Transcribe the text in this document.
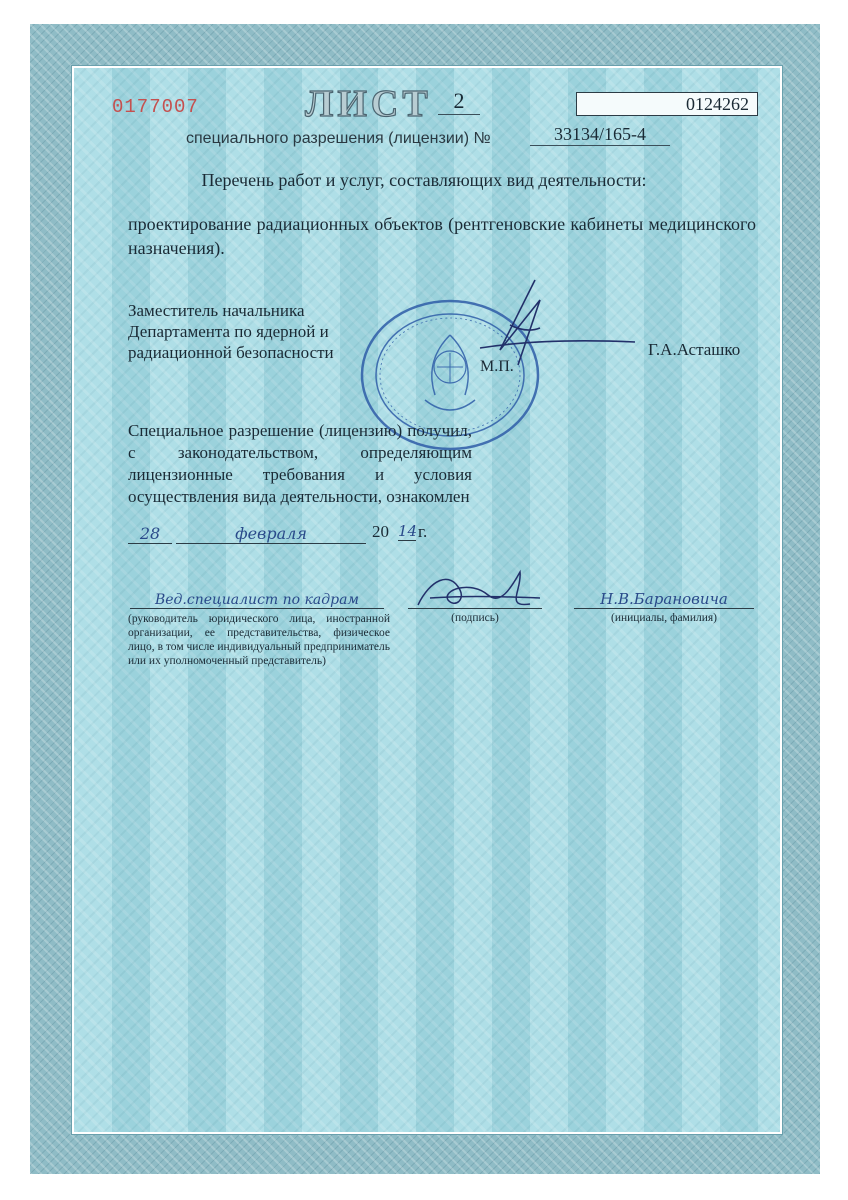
0177007	ЛИСТ 2	0124262
специального разрешения (лицензии) №	33134/165-4
Перечень работ и услуг, составляющих вид деятельности:
проектирование радиационных объектов (рентгеновские кабинеты медицинского назначения).
Заместитель начальника Департамента по ядерной и радиационной безопасности
М.П.
Г.А.Асташко
Специальное разрешение (лицензию) получил, с законодательством, определяющим лицензионные требования и условия осуществления вида деятельности, ознакомлен
28	февраля	20 14 г.
Вед.специалист по кадрам
(руководитель юридического лица, иностранной организации, ее представительства, физическое лицо, в том числе индивидуальный предприниматель или их уполномоченный представитель)
(подпись)
Н.В.Барановича
(инициалы, фамилия)
